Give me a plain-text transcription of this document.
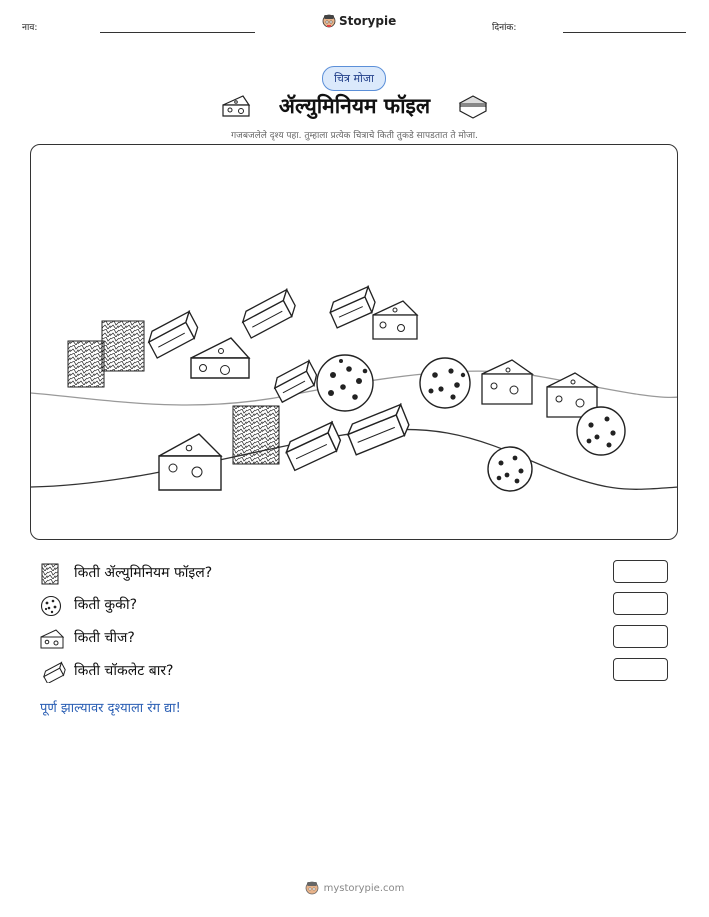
नाव:	Storypie	दिनांक:
चित्र मोजा
ॲल्युमिनियम फॉइल
गजबजलेले दृश्य पहा. तुम्हाला प्रत्येक चित्राचे किती तुकडे सापडतात ते मोजा.
किती ॲल्युमिनियम फॉइल?
किती कुकी?
किती चीज?
किती चॉकलेट बार?
पूर्ण झाल्यावर दृश्याला रंग द्या!
mystorypie.com
